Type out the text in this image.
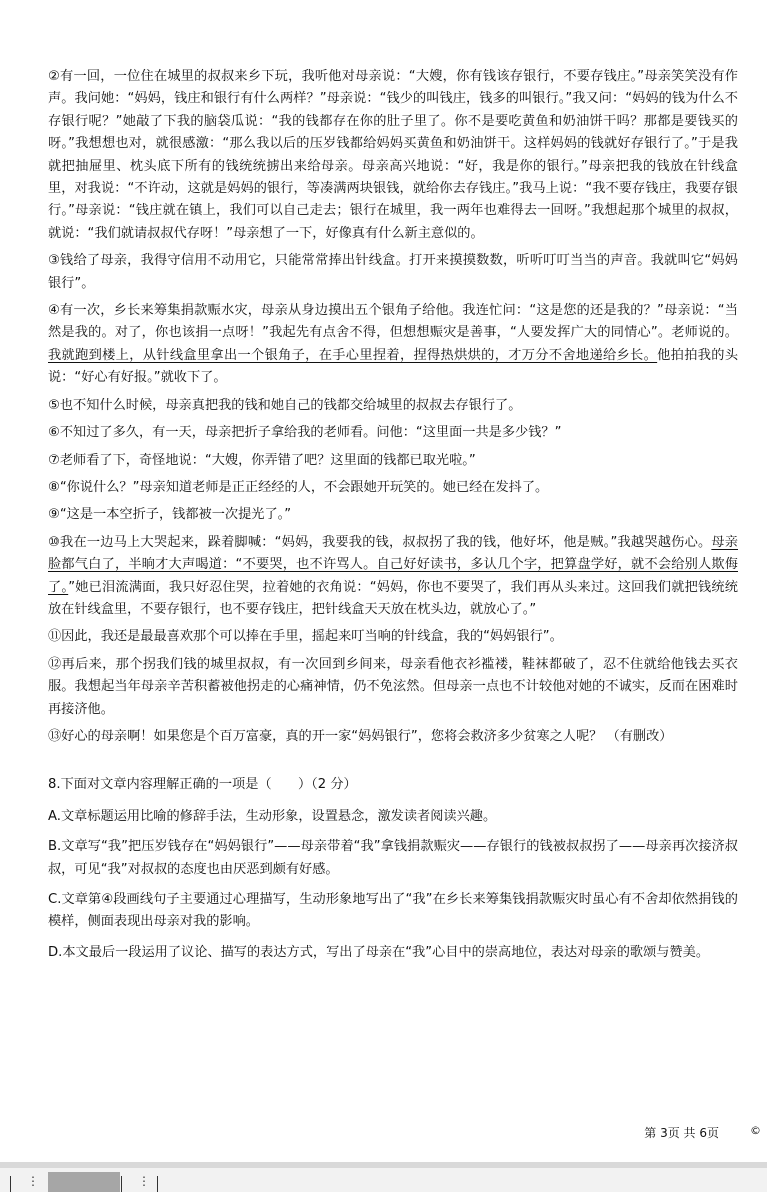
②有一回，一位住在城里的叔叔来乡下玩，我听他对母亲说：“大嫂，你有钱该存银行，不要存钱庄。”母亲笑笑没有作声。我问她：“妈妈，钱庄和银行有什么两样？”母亲说：“钱少的叫钱庄，钱多的叫银行。”我又问：“妈妈的钱为什么不存银行呢？”她敲了下我的脑袋瓜说：“我的钱都存在你的肚子里了。你不是要吃黄鱼和奶油饼干吗？那都是要钱买的呀。”我想想也对，就很感激：“那么我以后的压岁钱都给妈妈买黄鱼和奶油饼干。这样妈妈的钱就好存银行了。”于是我就把抽屉里、枕头底下所有的钱统统掳出来给母亲。母亲高兴地说：“好，我是你的银行。”母亲把我的钱放在针线盒里，对我说：“不许动，这就是妈妈的银行，等凑满两块银钱，就给你去存钱庄。”我马上说：“我不要存钱庄，我要存银行。”母亲说：“钱庄就在镇上，我们可以自己走去；银行在城里，我一两年也难得去一回呀。”我想起那个城里的叔叔，就说：“我们就请叔叔代存呀！”母亲想了一下，好像真有什么新主意似的。

③钱给了母亲，我得守信用不动用它，只能常常捧出针线盒。打开来摸摸数数，听听叮叮当当的声音。我就叫它“妈妈银行”。

④有一次，乡长来筹集捐款赈水灾，母亲从身边摸出五个银角子给他。我连忙问：“这是您的还是我的？”母亲说：“当然是我的。对了，你也该捐一点呀！”我起先有点舍不得，但想想赈灾是善事，“人要发挥广大的同情心”。老师说的。我就跑到楼上，从针线盒里拿出一个银角子，在手心里捏着，捏得热烘烘的，才万分不舍地递给乡长。他拍拍我的头说：“好心有好报。”就收下了。

⑤也不知什么时候，母亲真把我的钱和她自己的钱都交给城里的叔叔去存银行了。

⑥不知过了多久，有一天，母亲把折子拿给我的老师看。问他：“这里面一共是多少钱？”

⑦老师看了下，奇怪地说：“大嫂，你弄错了吧？这里面的钱都已取光啦。”

⑧“你说什么？”母亲知道老师是正正经经的人，不会跟她开玩笑的。她已经在发抖了。

⑨“这是一本空折子，钱都被一次提光了。”

⑩我在一边马上大哭起来，跺着脚喊：“妈妈，我要我的钱，叔叔拐了我的钱，他好坏，他是贼。”我越哭越伤心。母亲脸都气白了，半晌才大声喝道：“不要哭，也不许骂人。自己好好读书，多认几个字，把算盘学好，就不会给别人欺侮了。”她已泪流满面，我只好忍住哭，拉着她的衣角说：“妈妈，你也不要哭了，我们再从头来过。这回我们就把钱统统放在针线盒里，不要存银行，也不要存钱庄，把针线盒天天放在枕头边，就放心了。”

⑪因此，我还是最最喜欢那个可以捧在手里，摇起来叮当响的针线盒，我的“妈妈银行”。

⑫再后来，那个拐我们钱的城里叔叔，有一次回到乡间来，母亲看他衣衫褴褛，鞋袜都破了，忍不住就给他钱去买衣服。我想起当年母亲辛苦积蓄被他拐走的心痛神情，仍不免泫然。但母亲一点也不计较他对她的不诚实，反而在困难时再接济他。

⑬好心的母亲啊！如果您是个百万富豪，真的开一家“妈妈银行”，您将会救济多少贫寒之人呢？ （有删改）

8.下面对文章内容理解正确的一项是（　　）（2 分）

A.文章标题运用比喻的修辞手法，生动形象，设置悬念，激发读者阅读兴趣。

B.文章写“我”把压岁钱存在“妈妈银行”——母亲带着“我”拿钱捐款赈灾——存银行的钱被叔叔拐了——母亲再次接济叔叔，可见“我”对叔叔的态度也由厌恶到颇有好感。

C.文章第④段画线句子主要通过心理描写，生动形象地写出了“我”在乡长来筹集钱捐款赈灾时虽心有不舍却依然捐钱的模样，侧面表现出母亲对我的影响。

D.本文最后一段运用了议论、描写的表达方式，写出了母亲在“我”心目中的崇高地位，表达对母亲的歌颂与赞美。

第 3页 共 6页	©
⋮	⋮
